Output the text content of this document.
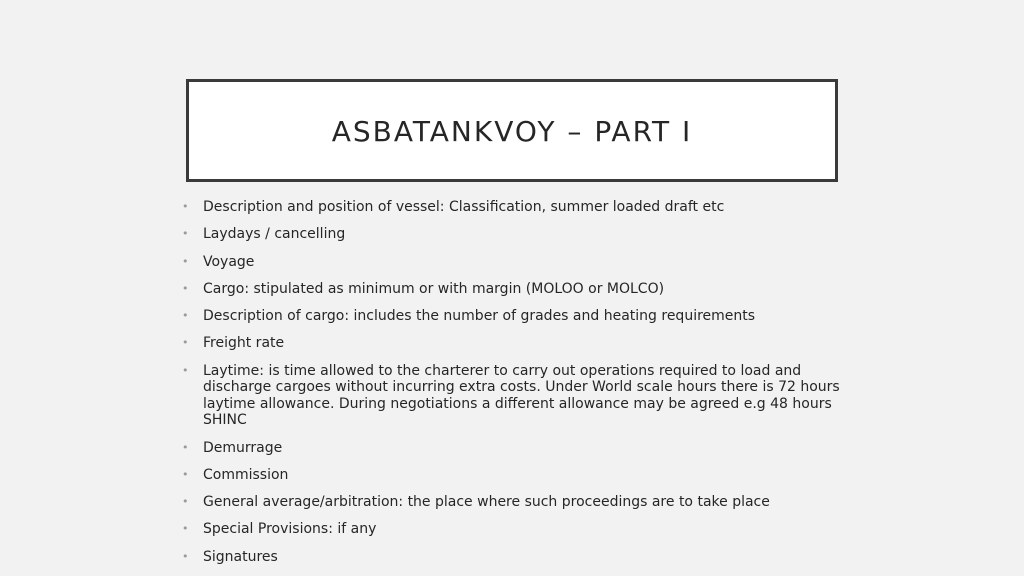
ASBATANKVOY – PART I
• Description and position of vessel: Classification, summer loaded draft etc
• Laydays / cancelling
• Voyage
• Cargo: stipulated as minimum or with margin (MOLOO or MOLCO)
• Description of cargo: includes the number of grades and heating requirements
• Freight rate
• Laytime: is time allowed to the charterer to carry out operations required to load and discharge cargoes without incurring extra costs. Under World scale hours there is 72 hours laytime allowance. During negotiations a different allowance may be agreed e.g 48 hours SHINC
• Demurrage
• Commission
• General average/arbitration: the place where such proceedings are to take place
• Special Provisions: if any
• Signatures
